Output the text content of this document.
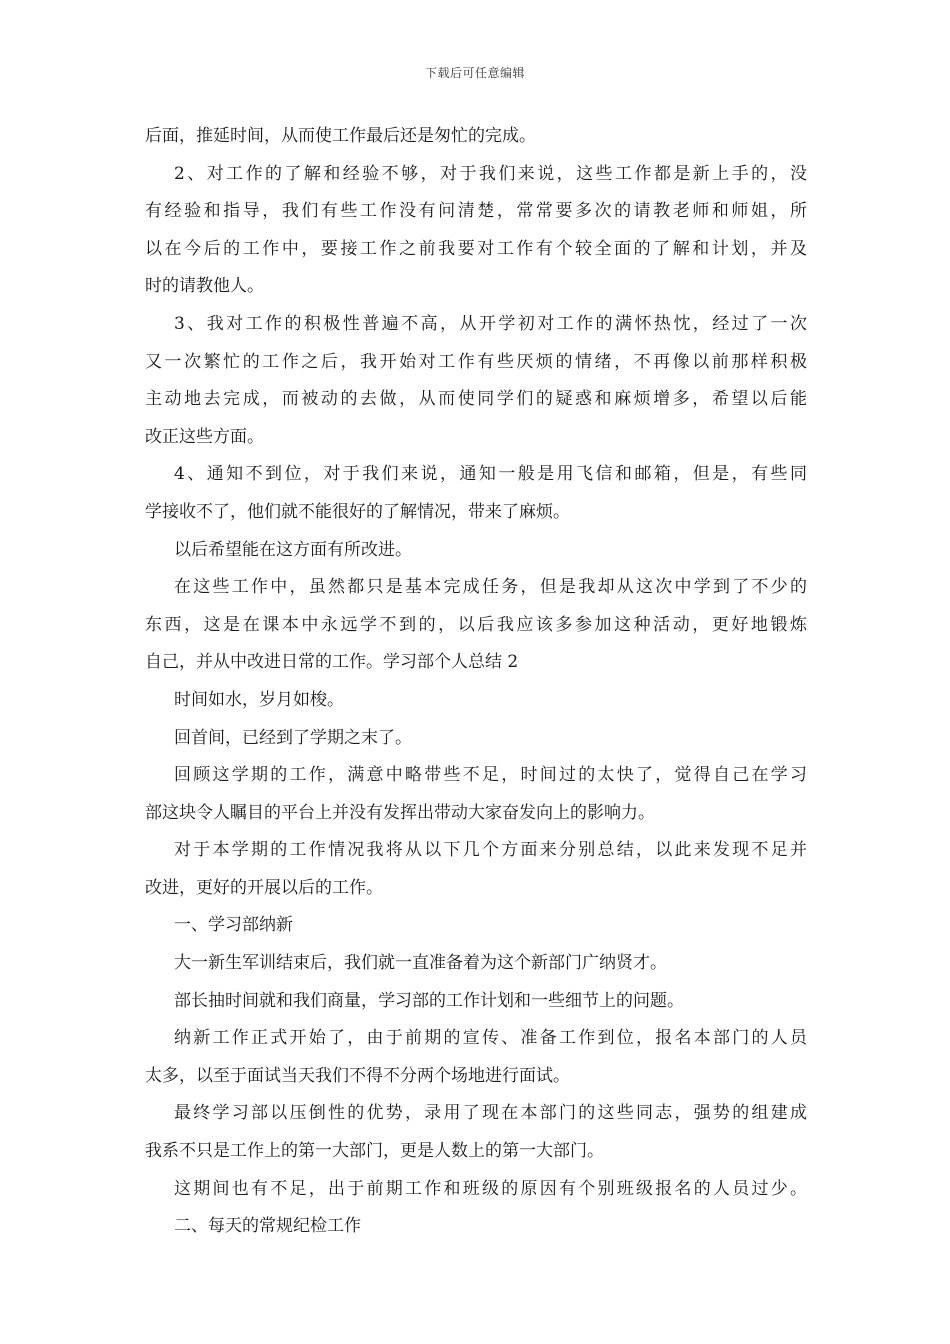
下载后可任意编辑
后面，推延时间，从而使工作最后还是匆忙的完成。
2、对工作的了解和经验不够，对于我们来说，这些工作都是新上手的，没
有经验和指导，我们有些工作没有问清楚，常常要多次的请教老师和师姐，所
以在今后的工作中，要接工作之前我要对工作有个较全面的了解和计划，并及
时的请教他人。
3、我对工作的积极性普遍不高，从开学初对工作的满怀热忱，经过了一次
又一次繁忙的工作之后，我开始对工作有些厌烦的情绪，不再像以前那样积极
主动地去完成，而被动的去做，从而使同学们的疑惑和麻烦增多，希望以后能
改正这些方面。
4、通知不到位，对于我们来说，通知一般是用飞信和邮箱，但是，有些同
学接收不了，他们就不能很好的了解情况，带来了麻烦。
以后希望能在这方面有所改进。
在这些工作中，虽然都只是基本完成任务，但是我却从这次中学到了不少的
东西，这是在课本中永远学不到的，以后我应该多参加这种活动，更好地锻炼
自己，并从中改进日常的工作。学习部个人总结 2
时间如水，岁月如梭。
回首间，已经到了学期之末了。
回顾这学期的工作，满意中略带些不足，时间过的太快了，觉得自己在学习
部这块令人瞩目的平台上并没有发挥出带动大家奋发向上的影响力。
对于本学期的工作情况我将从以下几个方面来分别总结，以此来发现不足并
改进，更好的开展以后的工作。
一、学习部纳新
大一新生军训结束后，我们就一直准备着为这个新部门广纳贤才。
部长抽时间就和我们商量，学习部的工作计划和一些细节上的问题。
纳新工作正式开始了，由于前期的宣传、准备工作到位，报名本部门的人员
太多，以至于面试当天我们不得不分两个场地进行面试。
最终学习部以压倒性的优势，录用了现在本部门的这些同志，强势的组建成
我系不只是工作上的第一大部门，更是人数上的第一大部门。
这期间也有不足，出于前期工作和班级的原因有个别班级报名的人员过少。
二、每天的常规纪检工作
